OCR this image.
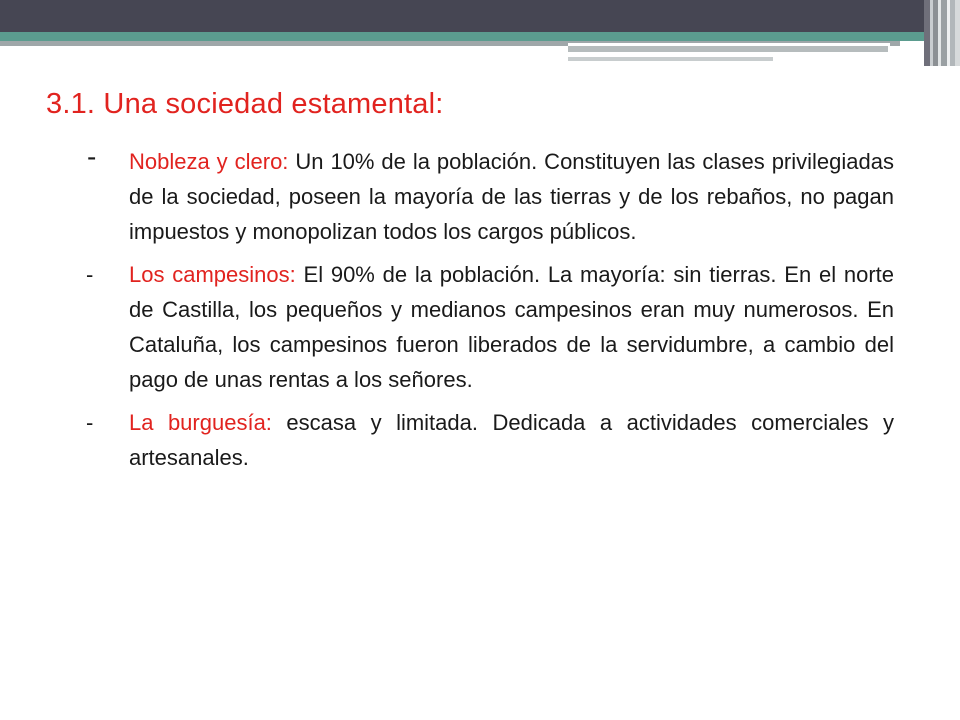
3.1. Una sociedad estamental:
- Nobleza y clero: Un 10% de la población. Constituyen las clases privilegiadas de la sociedad, poseen la mayoría de las tierras y de los rebaños, no pagan impuestos y monopolizan todos los cargos públicos.

- Los campesinos: El 90% de la población. La mayoría: sin tierras. En el norte de Castilla, los pequeños y medianos campesinos eran muy numerosos. En Cataluña, los campesinos fueron liberados de la servidumbre, a cambio del pago de unas rentas a los señores.

- La burguesía: escasa y limitada. Dedicada a actividades comerciales y artesanales.
